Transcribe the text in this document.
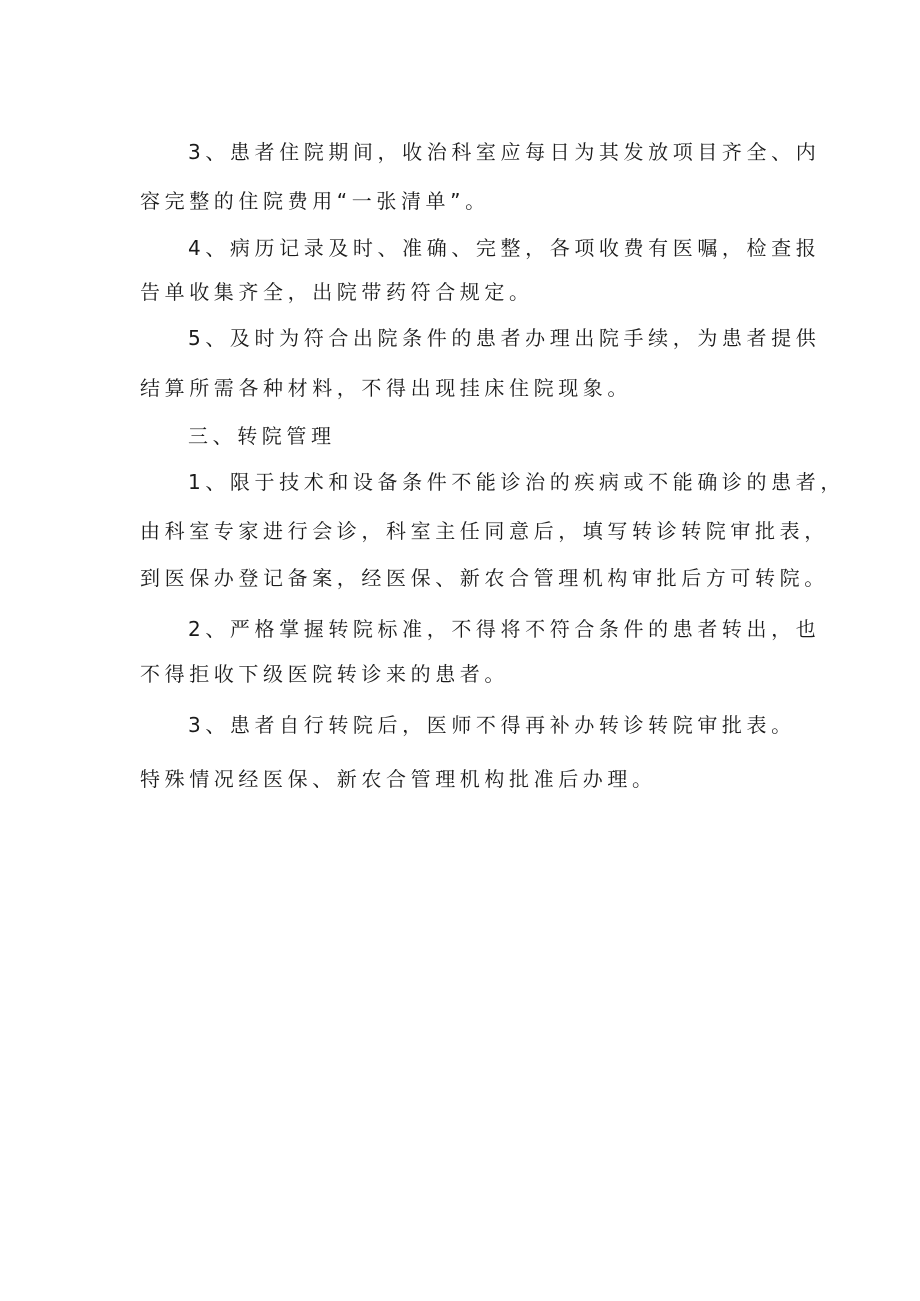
3、患者住院期间，收治科室应每日为其发放项目齐全、内
容完整的住院费用“一张清单”。
4、病历记录及时、准确、完整，各项收费有医嘱，检查报
告单收集齐全，出院带药符合规定。
5、及时为符合出院条件的患者办理出院手续，为患者提供
结算所需各种材料，不得出现挂床住院现象。
三、转院管理
1、限于技术和设备条件不能诊治的疾病或不能确诊的患者，
由科室专家进行会诊，科室主任同意后，填写转诊转院审批表，
到医保办登记备案，经医保、新农合管理机构审批后方可转院。
2、严格掌握转院标准，不得将不符合条件的患者转出，也
不得拒收下级医院转诊来的患者。
3、患者自行转院后，医师不得再补办转诊转院审批表。
特殊情况经医保、新农合管理机构批准后办理。
